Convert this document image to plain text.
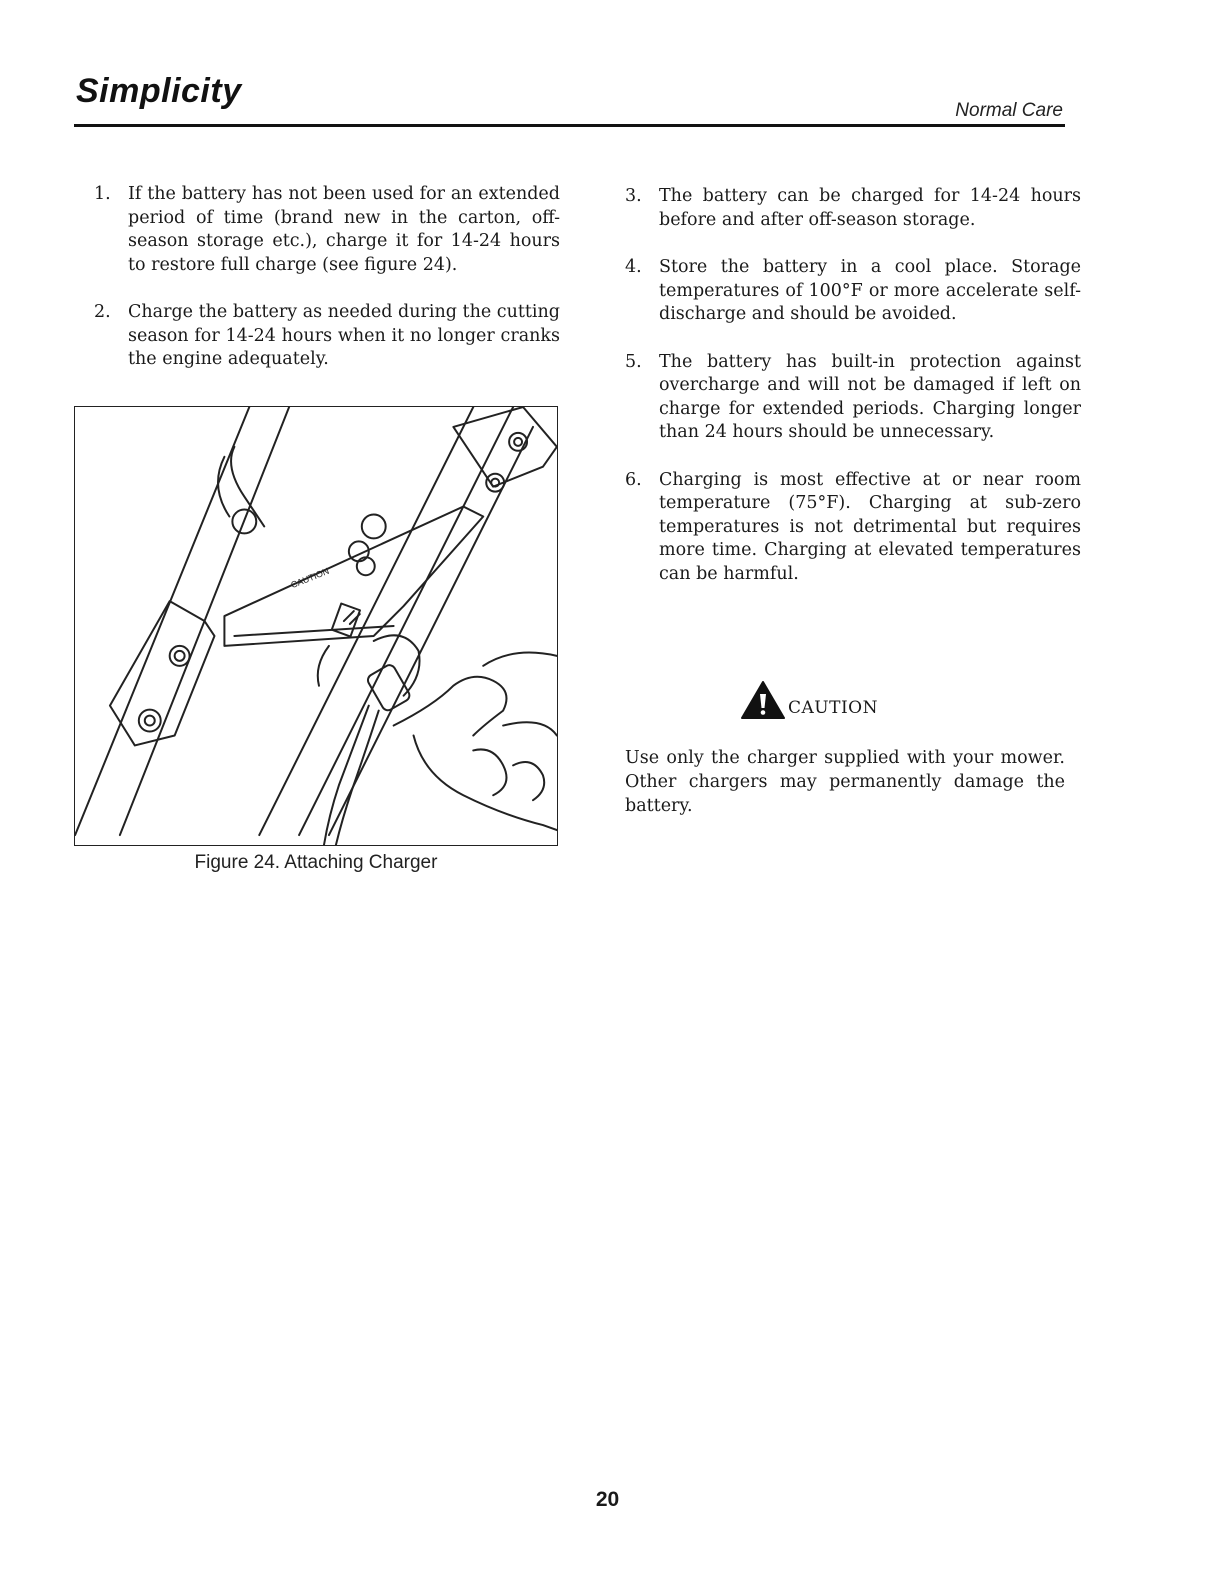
Simplicity
Normal Care
1. If the battery has not been used for an extended period of time (brand new in the carton, off-season storage etc.), charge it for 14-24 hours to restore full charge (see figure 24).
2. Charge the battery as needed during the cutting season for 14-24 hours when it no longer cranks the engine adequately.
CAUTION
Figure 24. Attaching Charger
3. The battery can be charged for 14-24 hours before and after off-season storage.
4. Store the battery in a cool place. Storage temperatures of 100°F or more accelerate self-discharge and should be avoided.
5. The battery has built-in protection against overcharge and will not be damaged if left on charge for extended periods. Charging longer than 24 hours should be unnecessary.
6. Charging is most effective at or near room temperature (75°F). Charging at sub-zero temperatures is not detrimental but requires more time. Charging at elevated temperatures can be harmful.
CAUTION
Use only the charger supplied with your mower. Other chargers may permanently damage the battery.
20
